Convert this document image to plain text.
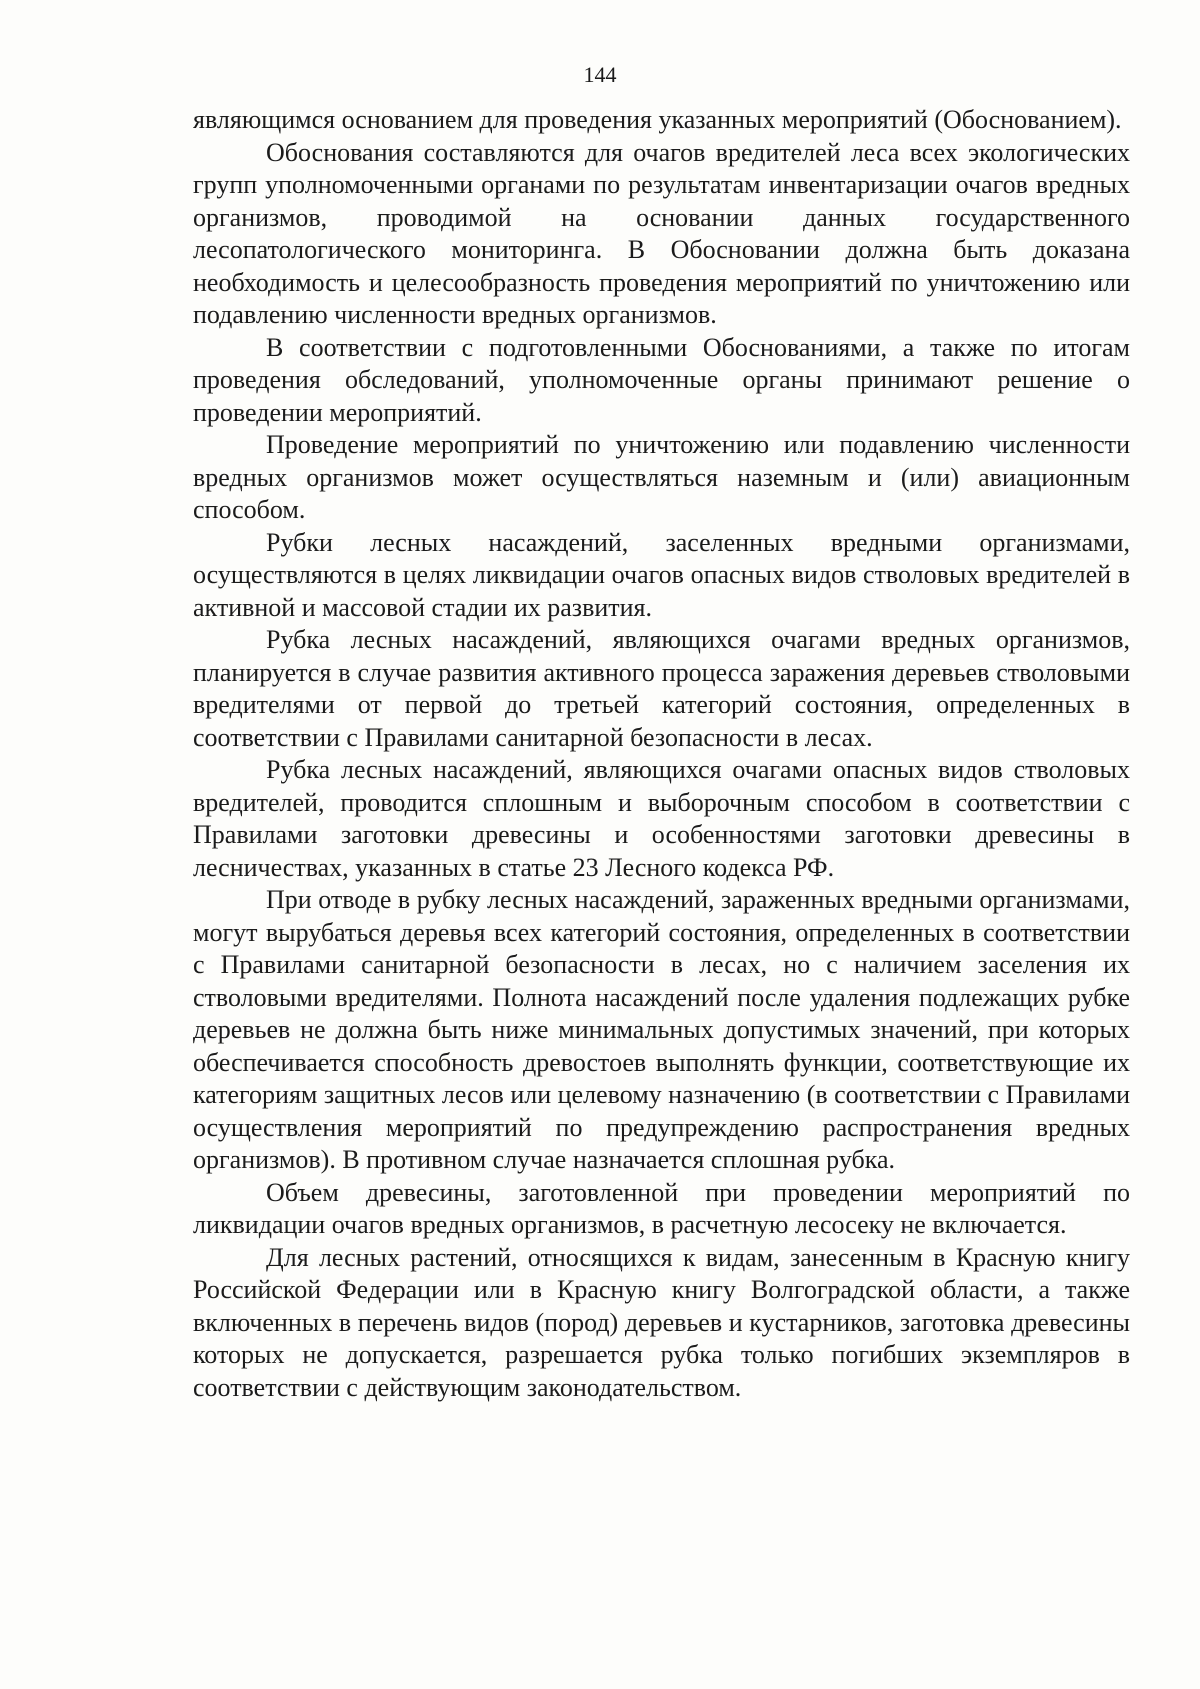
144

являющимся основанием для проведения указанных мероприятий (Обоснованием).

Обоснования составляются для очагов вредителей леса всех экологических групп уполномоченными органами по результатам инвентаризации очагов вредных организмов, проводимой на основании данных государственного лесопатологического мониторинга. В Обосновании должна быть доказана необходимость и целесообразность проведения мероприятий по уничтожению или подавлению численности вредных организмов.

В соответствии с подготовленными Обоснованиями, а также по итогам проведения обследований, уполномоченные органы принимают решение о проведении мероприятий.

Проведение мероприятий по уничтожению или подавлению численности вредных организмов может осуществляться наземным и (или) авиационным способом.

Рубки лесных насаждений, заселенных вредными организмами, осуществляются в целях ликвидации очагов опасных видов стволовых вредителей в активной и массовой стадии их развития.

Рубка лесных насаждений, являющихся очагами вредных организмов, планируется в случае развития активного процесса заражения деревьев стволовыми вредителями от первой до третьей категорий состояния, определенных в соответствии с Правилами санитарной безопасности в лесах.

Рубка лесных насаждений, являющихся очагами опасных видов стволовых вредителей, проводится сплошным и выборочным способом в соответствии с Правилами заготовки древесины и особенностями заготовки древесины в лесничествах, указанных в статье 23 Лесного кодекса РФ.

При отводе в рубку лесных насаждений, зараженных вредными организмами, могут вырубаться деревья всех категорий состояния, определенных в соответствии с Правилами санитарной безопасности в лесах, но с наличием заселения их стволовыми вредителями. Полнота насаждений после удаления подлежащих рубке деревьев не должна быть ниже минимальных допустимых значений, при которых обеспечивается способность древостоев выполнять функции, соответствующие их категориям защитных лесов или целевому назначению (в соответствии с Правилами осуществления мероприятий по предупреждению распространения вредных организмов). В противном случае назначается сплошная рубка.

Объем древесины, заготовленной при проведении мероприятий по ликвидации очагов вредных организмов, в расчетную лесосеку не включается.

Для лесных растений, относящихся к видам, занесенным в Красную книгу Российской Федерации или в Красную книгу Волгоградской области, а также включенных в перечень видов (пород) деревьев и кустарников, заготовка древесины которых не допускается, разрешается рубка только погибших экземпляров в соответствии с действующим законодательством.
